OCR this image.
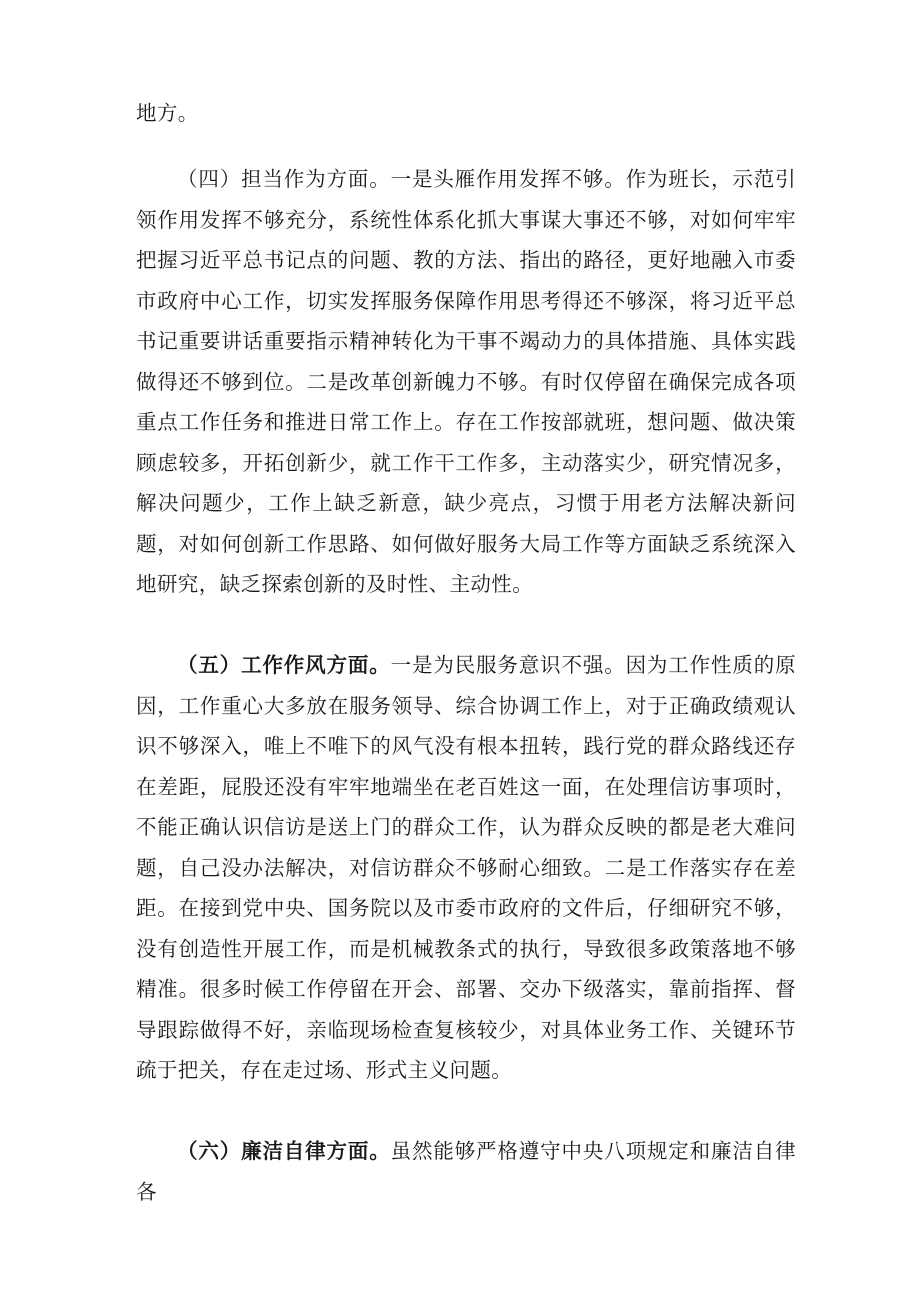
地方。

（四）担当作为方面。一是头雁作用发挥不够。作为班长，示范引领作用发挥不够充分，系统性体系化抓大事谋大事还不够，对如何牢牢把握习近平总书记点的问题、教的方法、指出的路径，更好地融入市委市政府中心工作，切实发挥服务保障作用思考得还不够深，将习近平总书记重要讲话重要指示精神转化为干事不竭动力的具体措施、具体实践做得还不够到位。二是改革创新魄力不够。有时仅停留在确保完成各项重点工作任务和推进日常工作上。存在工作按部就班，想问题、做决策顾虑较多，开拓创新少，就工作干工作多，主动落实少，研究情况多，解决问题少，工作上缺乏新意，缺少亮点，习惯于用老方法解决新问题，对如何创新工作思路、如何做好服务大局工作等方面缺乏系统深入地研究，缺乏探索创新的及时性、主动性。

（五）工作作风方面。一是为民服务意识不强。因为工作性质的原因，工作重心大多放在服务领导、综合协调工作上，对于正确政绩观认识不够深入，唯上不唯下的风气没有根本扭转，践行党的群众路线还存在差距，屁股还没有牢牢地端坐在老百姓这一面，在处理信访事项时，不能正确认识信访是送上门的群众工作，认为群众反映的都是老大难问题，自己没办法解决，对信访群众不够耐心细致。二是工作落实存在差距。在接到党中央、国务院以及市委市政府的文件后，仔细研究不够，没有创造性开展工作，而是机械教条式的执行，导致很多政策落地不够精准。很多时候工作停留在开会、部署、交办下级落实，靠前指挥、督导跟踪做得不好，亲临现场检查复核较少，对具体业务工作、关键环节疏于把关，存在走过场、形式主义问题。

（六）廉洁自律方面。虽然能够严格遵守中央八项规定和廉洁自律各
